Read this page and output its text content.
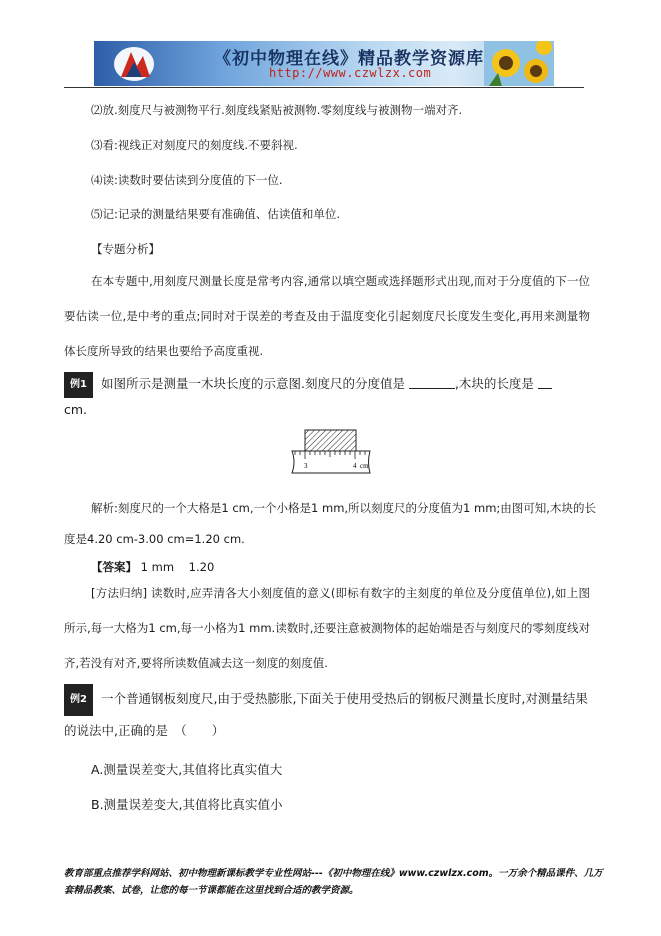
《初中物理在线》精品教学资源库
http://www.czwlzx.com
⑵放.刻度尺与被测物平行.刻度线紧贴被测物.零刻度线与被测物一端对齐.
⑶看:视线正对刻度尺的刻度线.不要斜视.
⑷读:读数时要估读到分度值的下一位.
⑸记:记录的测量结果要有准确值、估读值和单位.
【专题分析】
在本专题中,用刻度尺测量长度是常考内容,通常以填空题或选择题形式出现,而对于分度值的下一位要估读一位,是中考的重点;同时对于误差的考查及由于温度变化引起刻度尺长度发生变化,再用来测量物体长度所导致的结果也要给予高度重视.
例1 如图所示是测量一木块长度的示意图.刻度尺的分度值是	,木块的长度是
cm.
3	4 cm
解析:刻度尺的一个大格是1 cm,一个小格是1 mm,所以刻度尺的分度值为1 mm;由图可知,木块的长
度是4.20 cm-3.00 cm=1.20 cm.
【答案】 1 mm    1.20
[方法归纳] 读数时,应弄清各大小刻度值的意义(即标有数字的主刻度的单位及分度值单位),如上图所示,每一大格为1 cm,每一小格为1 mm.读数时,还要注意被测物体的起始端是否与刻度尺的零刻度线对齐,若没有对齐,要将所读数值减去这一刻度的刻度值.
例2 一个普通钢板刻度尺,由于受热膨胀,下面关于使用受热后的钢板尺测量长度时,对测量结果的说法中,正确的是　（　　）
A.测量误差变大,其值将比真实值大
B.测量误差变大,其值将比真实值小
教育部重点推荐学科网站、初中物理新课标教学专业性网站---《初中物理在线》www.czwlzx.com。一万余个精品课件、几万套精品教案、试卷，让您的每一节课都能在这里找到合适的教学资源。
